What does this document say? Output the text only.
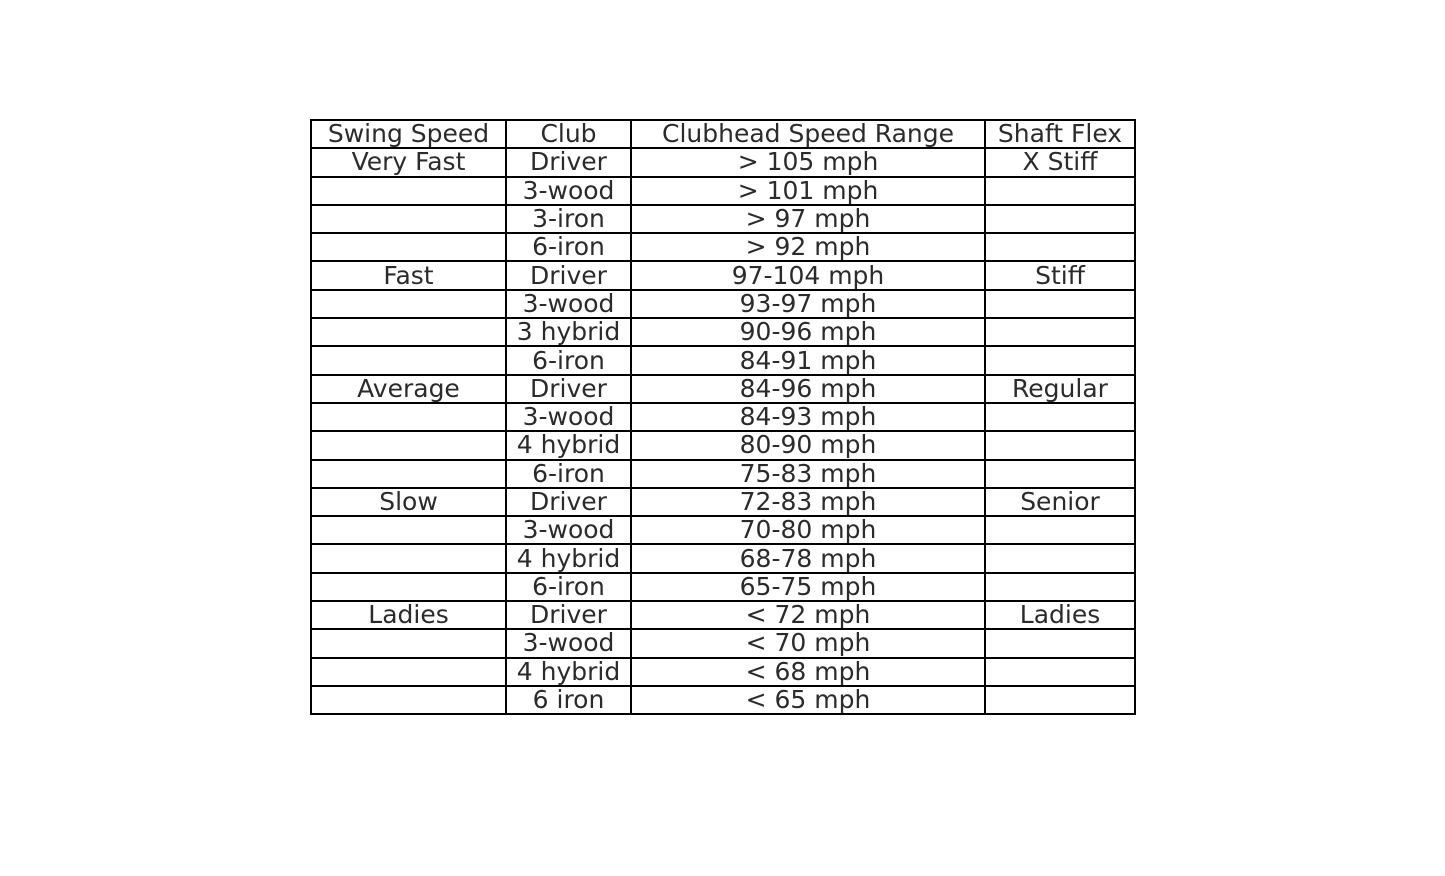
Swing Speed	Club	Clubhead Speed Range	Shaft Flex
Very Fast	Driver	> 105 mph	X Stiff
	3-wood	> 101 mph	
	3-iron	> 97 mph	
	6-iron	> 92 mph	
Fast	Driver	97-104 mph	Stiff
	3-wood	93-97 mph	
	3 hybrid	90-96 mph	
	6-iron	84-91 mph	
Average	Driver	84-96 mph	Regular
	3-wood	84-93 mph	
	4 hybrid	80-90 mph	
	6-iron	75-83 mph	
Slow	Driver	72-83 mph	Senior
	3-wood	70-80 mph	
	4 hybrid	68-78 mph	
	6-iron	65-75 mph	
Ladies	Driver	< 72 mph	Ladies
	3-wood	< 70 mph	
	4 hybrid	< 68 mph	
	6 iron	< 65 mph	
